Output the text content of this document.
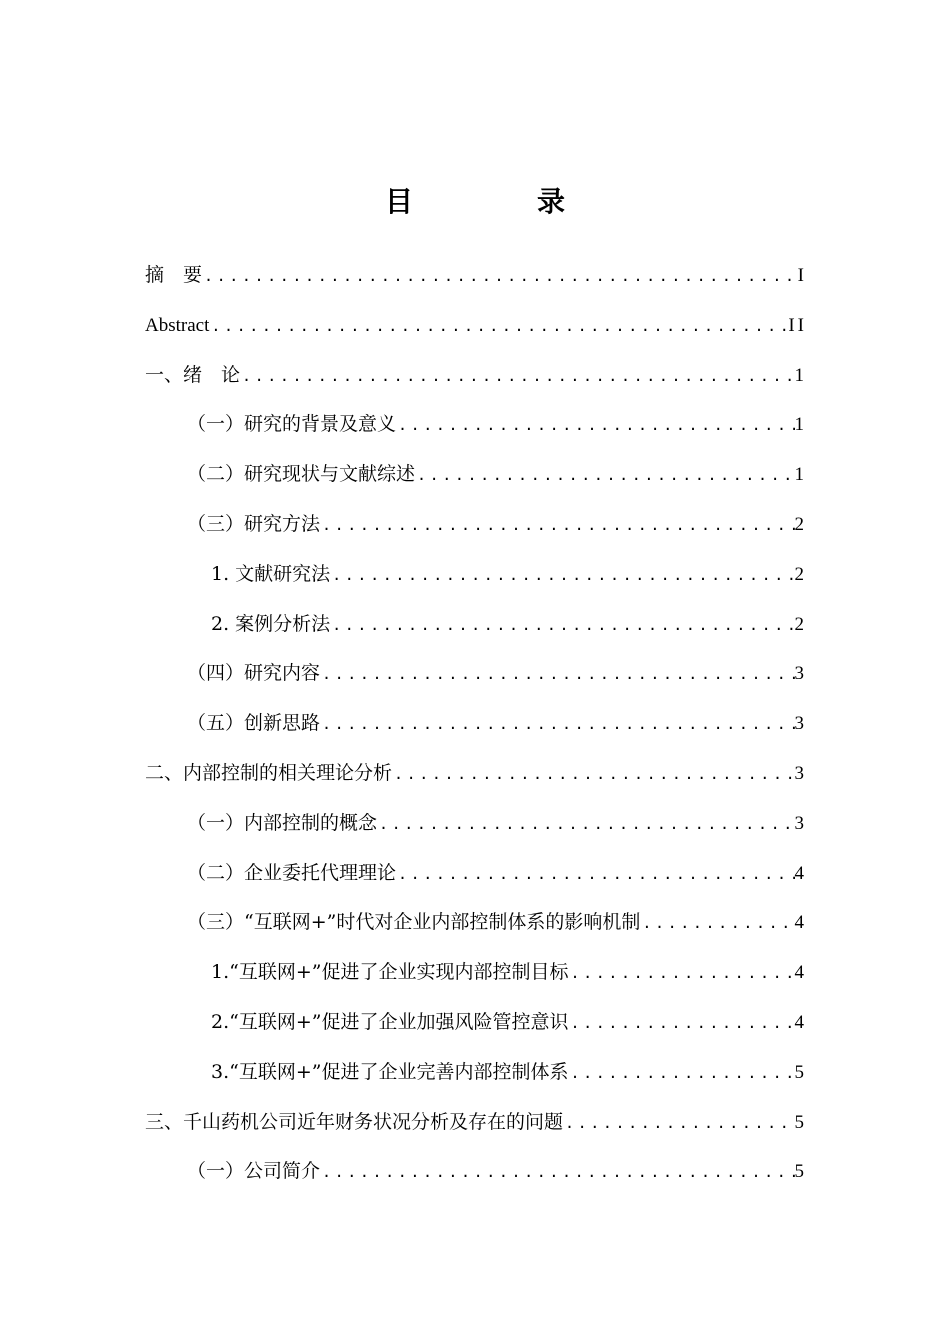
目　录
摘　要 .....	I
Abstract .....	II
一、绪　论 .....	1
（一）研究的背景及意义 .....	1
（二）研究现状与文献综述 .....	1
（三）研究方法 .....	2
1. 文献研究法 .....	2
2. 案例分析法 .....	2
（四）研究内容 .....	3
（五）创新思路 .....	3
二、内部控制的相关理论分析 .....	3
（一）内部控制的概念 .....	3
（二）企业委托代理理论 .....	4
（三）“互联网+”时代对企业内部控制体系的影响机制 .....	4
1.“互联网+”促进了企业实现内部控制目标 .....	4
2.“互联网+”促进了企业加强风险管控意识 .....	4
3.“互联网+”促进了企业完善内部控制体系 .....	5
三、千山药机公司近年财务状况分析及存在的问题 .....	5
（一）公司简介 .....	5
